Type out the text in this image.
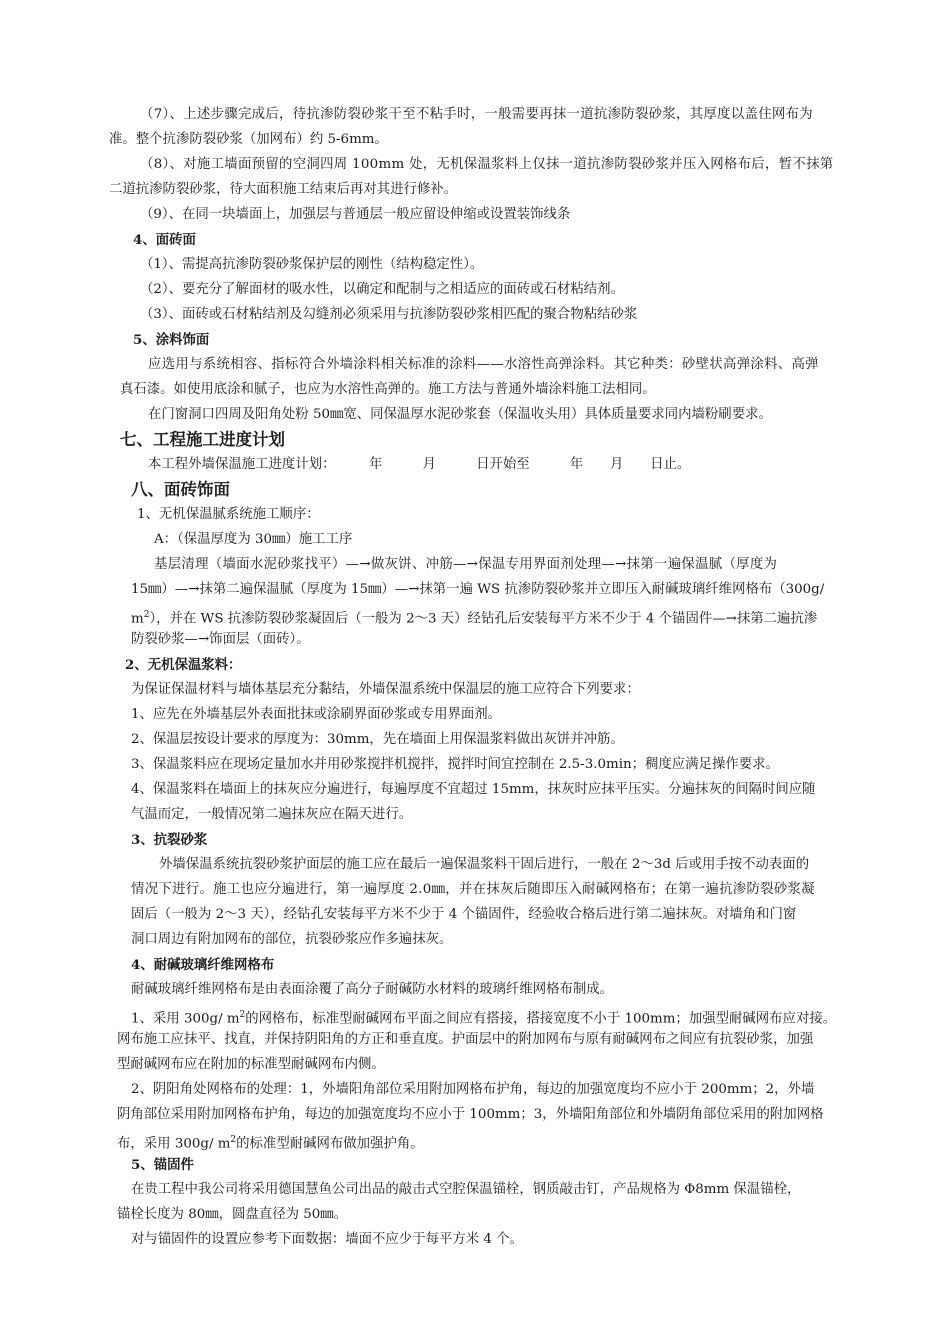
（7）、上述步骤完成后，待抗渗防裂砂浆干至不粘手时，一般需要再抹一道抗渗防裂砂浆，其厚度以盖住网布为
准。整个抗渗防裂砂浆（加网布）约 5-6mm。
（8）、对施工墙面预留的空洞四周 100mm 处，无机保温浆料上仅抹一道抗渗防裂砂浆并压入网格布后，暂不抹第
二道抗渗防裂砂浆，待大面积施工结束后再对其进行修补。
（9）、在同一块墙面上，加强层与普通层一般应留设伸缩或设置装饰线条
4、面砖面
（1）、需提高抗渗防裂砂浆保护层的刚性（结构稳定性）。
（2）、要充分了解面材的吸水性，以确定和配制与之相适应的面砖或石材粘结剂。
（3）、面砖或石材粘结剂及勾缝剂必须采用与抗渗防裂砂浆相匹配的聚合物粘结砂浆
5、涂料饰面
应选用与系统相容、指标符合外墙涂料相关标准的涂料——水溶性高弹涂料。其它种类：砂壁状高弹涂料、高弹
真石漆。如使用底涂和腻子，也应为水溶性高弹的。施工方法与普通外墙涂料施工法相同。
在门窗洞口四周及阳角处粉 50㎜宽、同保温厚水泥砂浆套（保温收头用）具体质量要求同内墙粉刷要求。
七、工程施工进度计划
本工程外墙保温施工进度计划：　　　年　　　月　　　日开始至　　　年　　月　　日止。
八、面砖饰面
1、无机保温腻系统施工顺序：
A：（保温厚度为 30㎜）施工工序
基层清理（墙面水泥砂浆找平）—→做灰饼、冲筋—→保温专用界面剂处理—→抹第一遍保温腻（厚度为
15㎜）—→抹第二遍保温腻（厚度为 15㎜）—→抹第一遍 WS 抗渗防裂砂浆并立即压入耐碱玻璃纤维网格布（300g/
$m^2$），并在 WS 抗渗防裂砂浆凝固后（一般为 2～3 天）经钻孔后安装每平方米不少于 4 个锚固件—→抹第二遍抗渗
防裂砂浆—→饰面层（面砖）。
2、无机保温浆料：
为保证保温材料与墙体基层充分黏结，外墙保温系统中保温层的施工应符合下列要求：
1、应先在外墙基层外表面批抹或涂刷界面砂浆或专用界面剂。
2、保温层按设计要求的厚度为：30mm，先在墙面上用保温浆料做出灰饼并冲筋。
3、保温浆料应在现场定量加水并用砂浆搅拌机搅拌，搅拌时间宜控制在 2.5-3.0min；稠度应满足操作要求。
4、保温浆料在墙面上的抹灰应分遍进行，每遍厚度不宜超过 15mm，抹灰时应抹平压实。分遍抹灰的间隔时间应随
气温而定，一般情况第二遍抹灰应在隔天进行。
3、抗裂砂浆
外墙保温系统抗裂砂浆护面层的施工应在最后一遍保温浆料干固后进行，一般在 2～3d 后或用手按不动表面的
情况下进行。施工也应分遍进行，第一遍厚度 2.0㎜，并在抹灰后随即压入耐碱网格布；在第一遍抗渗防裂砂浆凝
固后（一般为 2～3 天），经钻孔安装每平方米不少于 4 个锚固件，经验收合格后进行第二遍抹灰。对墙角和门窗
洞口周边有附加网布的部位，抗裂砂浆应作多遍抹灰。
4、耐碱玻璃纤维网格布
耐碱玻璃纤维网格布是由表面涂覆了高分子耐碱防水材料的玻璃纤维网格布制成。
1、采用 300g/ $m^2$的网格布，标准型耐碱网布平面之间应有搭接，搭接宽度不小于 100mm；加强型耐碱网布应对接。
网布施工应抹平、找直，并保持阴阳角的方正和垂直度。护面层中的附加网布与原有耐碱网布之间应有抗裂砂浆，加强
型耐碱网布应在附加的标准型耐碱网布内侧。
2、阴阳角处网格布的处理：1，外墙阳角部位采用附加网格布护角，每边的加强宽度均不应小于 200mm；2，外墙
阴角部位采用附加网格布护角，每边的加强宽度均不应小于 100mm；3，外墙阳角部位和外墙阴角部位采用的附加网格
布，采用 300g/ $m^2$的标准型耐碱网布做加强护角。
5、锚固件
在贵工程中我公司将采用德国慧鱼公司出品的敲击式空腔保温锚栓，钢质敲击钉，产品规格为 Φ8mm 保温锚栓，
锚栓长度为 80㎜，圆盘直径为 50㎜。
对与锚固件的设置应参考下面数据：墙面不应少于每平方米 4 个。
